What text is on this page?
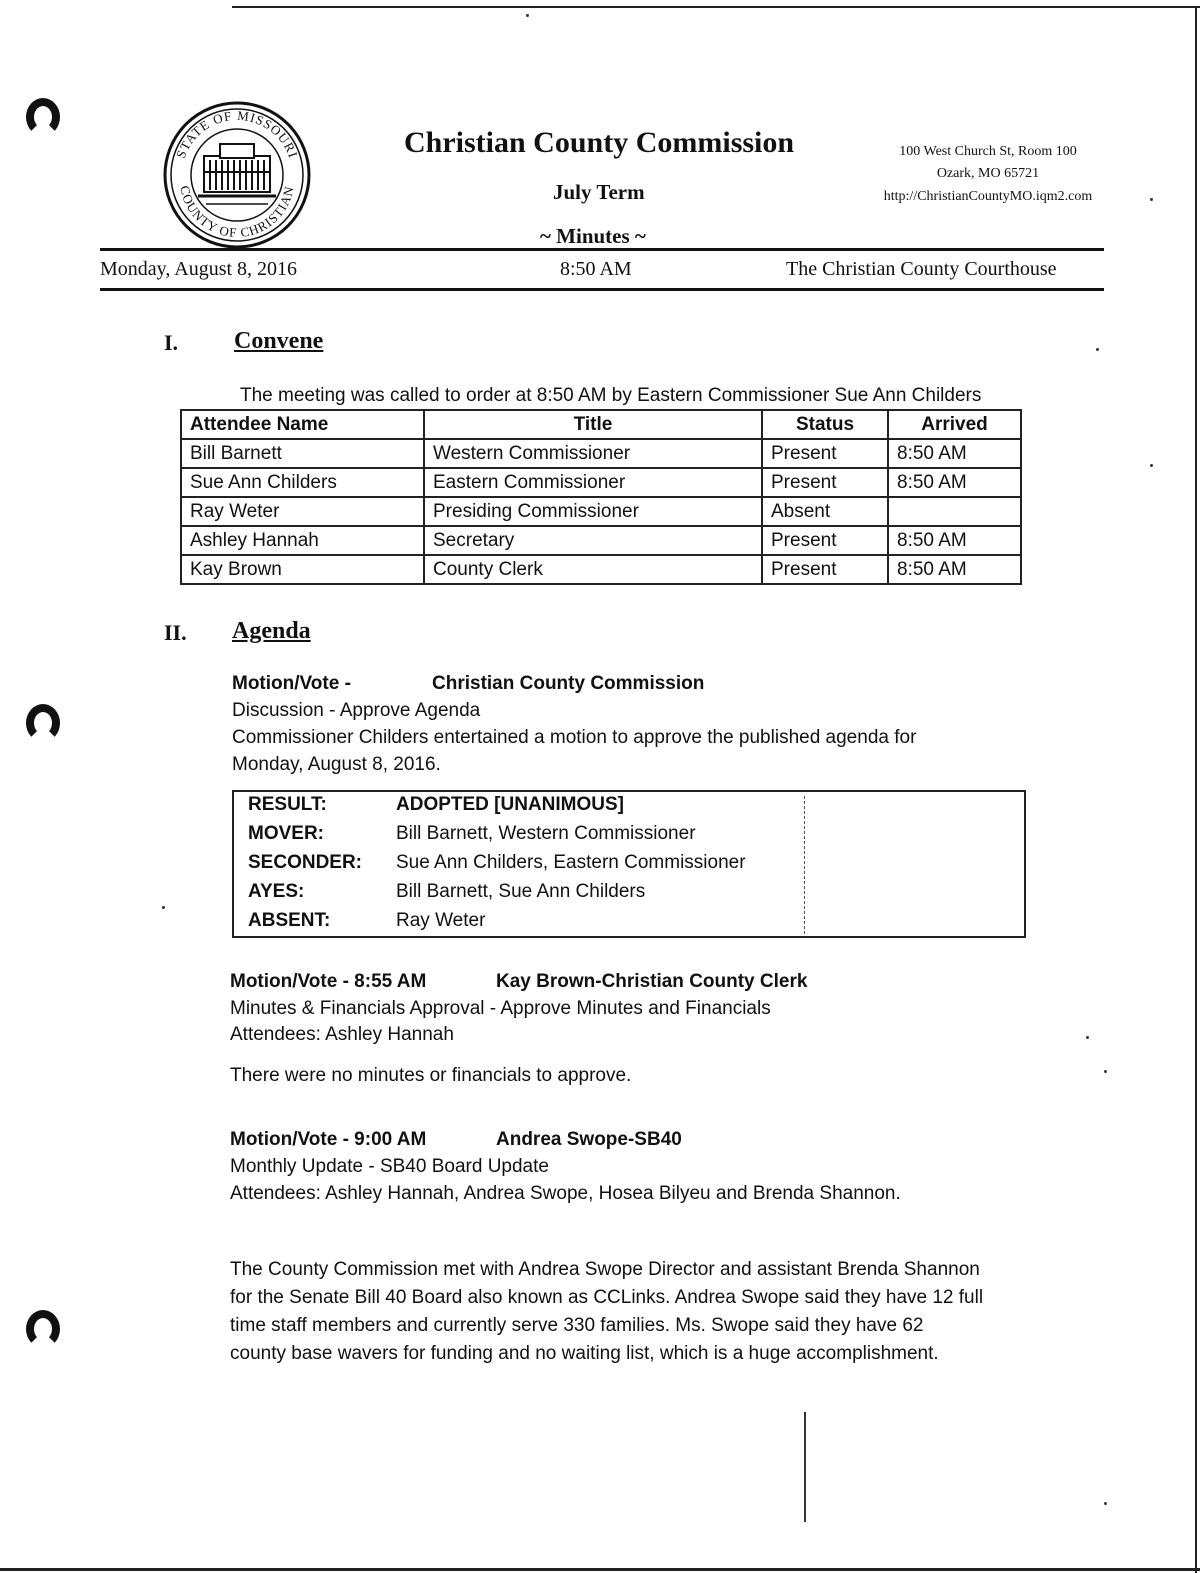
STATE OF MISSOURI
COUNTY OF CHRISTIAN
Christian County Commission
July Term
~ Minutes ~
100 West Church St, Room 100
Ozark, MO 65721
http://ChristianCountyMO.iqm2.com
Monday, August 8, 2016	8:50 AM	The Christian County Courthouse
I. Convene
The meeting was called to order at 8:50 AM by Eastern Commissioner Sue Ann Childers
Attendee Name	Title	Status	Arrived
Bill Barnett	Western Commissioner	Present	8:50 AM
Sue Ann Childers	Eastern Commissioner	Present	8:50 AM
Ray Weter	Presiding Commissioner	Absent	
Ashley Hannah	Secretary	Present	8:50 AM
Kay Brown	County Clerk	Present	8:50 AM
II. Agenda
Motion/Vote -	Christian County Commission
Discussion - Approve Agenda
Commissioner Childers entertained a motion to approve the published agenda for
Monday, August 8, 2016.
RESULT:	ADOPTED [UNANIMOUS]
MOVER:	Bill Barnett, Western Commissioner
SECONDER:	Sue Ann Childers, Eastern Commissioner
AYES:	Bill Barnett, Sue Ann Childers
ABSENT:	Ray Weter
Motion/Vote - 8:55 AM	Kay Brown-Christian County Clerk
Minutes & Financials Approval - Approve Minutes and Financials
Attendees: Ashley Hannah
There were no minutes or financials to approve.
Motion/Vote - 9:00 AM	Andrea Swope-SB40
Monthly Update - SB40 Board Update
Attendees: Ashley Hannah, Andrea Swope, Hosea Bilyeu and Brenda Shannon.
The County Commission met with Andrea Swope Director and assistant Brenda Shannon
for the Senate Bill 40 Board also known as CCLinks. Andrea Swope said they have 12 full
time staff members and currently serve 330 families. Ms. Swope said they have 62
county base wavers for funding and no waiting list, which is a huge accomplishment.
